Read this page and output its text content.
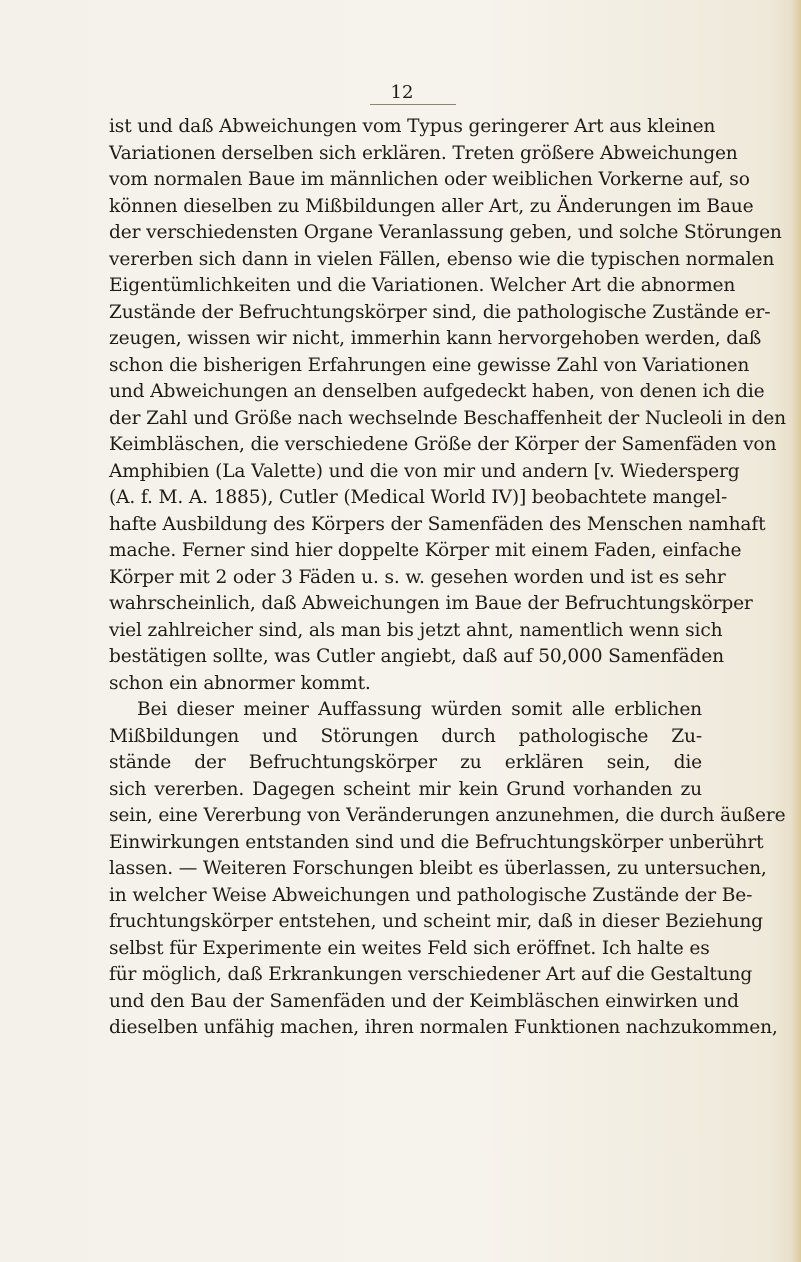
12
ist und daß Abweichungen vom Typus geringerer Art aus kleinen
Variationen derselben sich erklären. Treten größere Abweichungen
vom normalen Baue im männlichen oder weiblichen Vorkerne auf, so
können dieselben zu Mißbildungen aller Art, zu Änderungen im Baue
der verschiedensten Organe Veranlassung geben, und solche Störungen
vererben sich dann in vielen Fällen, ebenso wie die typischen normalen
Eigentümlichkeiten und die Variationen. Welcher Art die abnormen
Zustände der Befruchtungskörper sind, die pathologische Zustände er-
zeugen, wissen wir nicht, immerhin kann hervorgehoben werden, daß
schon die bisherigen Erfahrungen eine gewisse Zahl von Variationen
und Abweichungen an denselben aufgedeckt haben, von denen ich die
der Zahl und Größe nach wechselnde Beschaffenheit der Nucleoli in den
Keimbläschen, die verschiedene Größe der Körper der Samenfäden von
Amphibien (La Valette) und die von mir und andern [v. Wiedersperg
(A. f. M. A. 1885), Cutler (Medical World IV)] beobachtete mangel-
hafte Ausbildung des Körpers der Samenfäden des Menschen namhaft
mache. Ferner sind hier doppelte Körper mit einem Faden, einfache
Körper mit 2 oder 3 Fäden u. s. w. gesehen worden und ist es sehr
wahrscheinlich, daß Abweichungen im Baue der Befruchtungskörper
viel zahlreicher sind, als man bis jetzt ahnt, namentlich wenn sich
bestätigen sollte, was Cutler angiebt, daß auf 50,000 Samenfäden
schon ein abnormer kommt.
Bei dieser meiner Auffassung würden somit alle erblichen
Mißbildungen und Störungen durch pathologische Zu-
stände der Befruchtungskörper zu erklären sein, die
sich vererben. Dagegen scheint mir kein Grund vorhanden zu
sein, eine Vererbung von Veränderungen anzunehmen, die durch äußere
Einwirkungen entstanden sind und die Befruchtungskörper unberührt
lassen. — Weiteren Forschungen bleibt es überlassen, zu untersuchen,
in welcher Weise Abweichungen und pathologische Zustände der Be-
fruchtungskörper entstehen, und scheint mir, daß in dieser Beziehung
selbst für Experimente ein weites Feld sich eröffnet. Ich halte es
für möglich, daß Erkrankungen verschiedener Art auf die Gestaltung
und den Bau der Samenfäden und der Keimbläschen einwirken und
dieselben unfähig machen, ihren normalen Funktionen nachzukommen,
